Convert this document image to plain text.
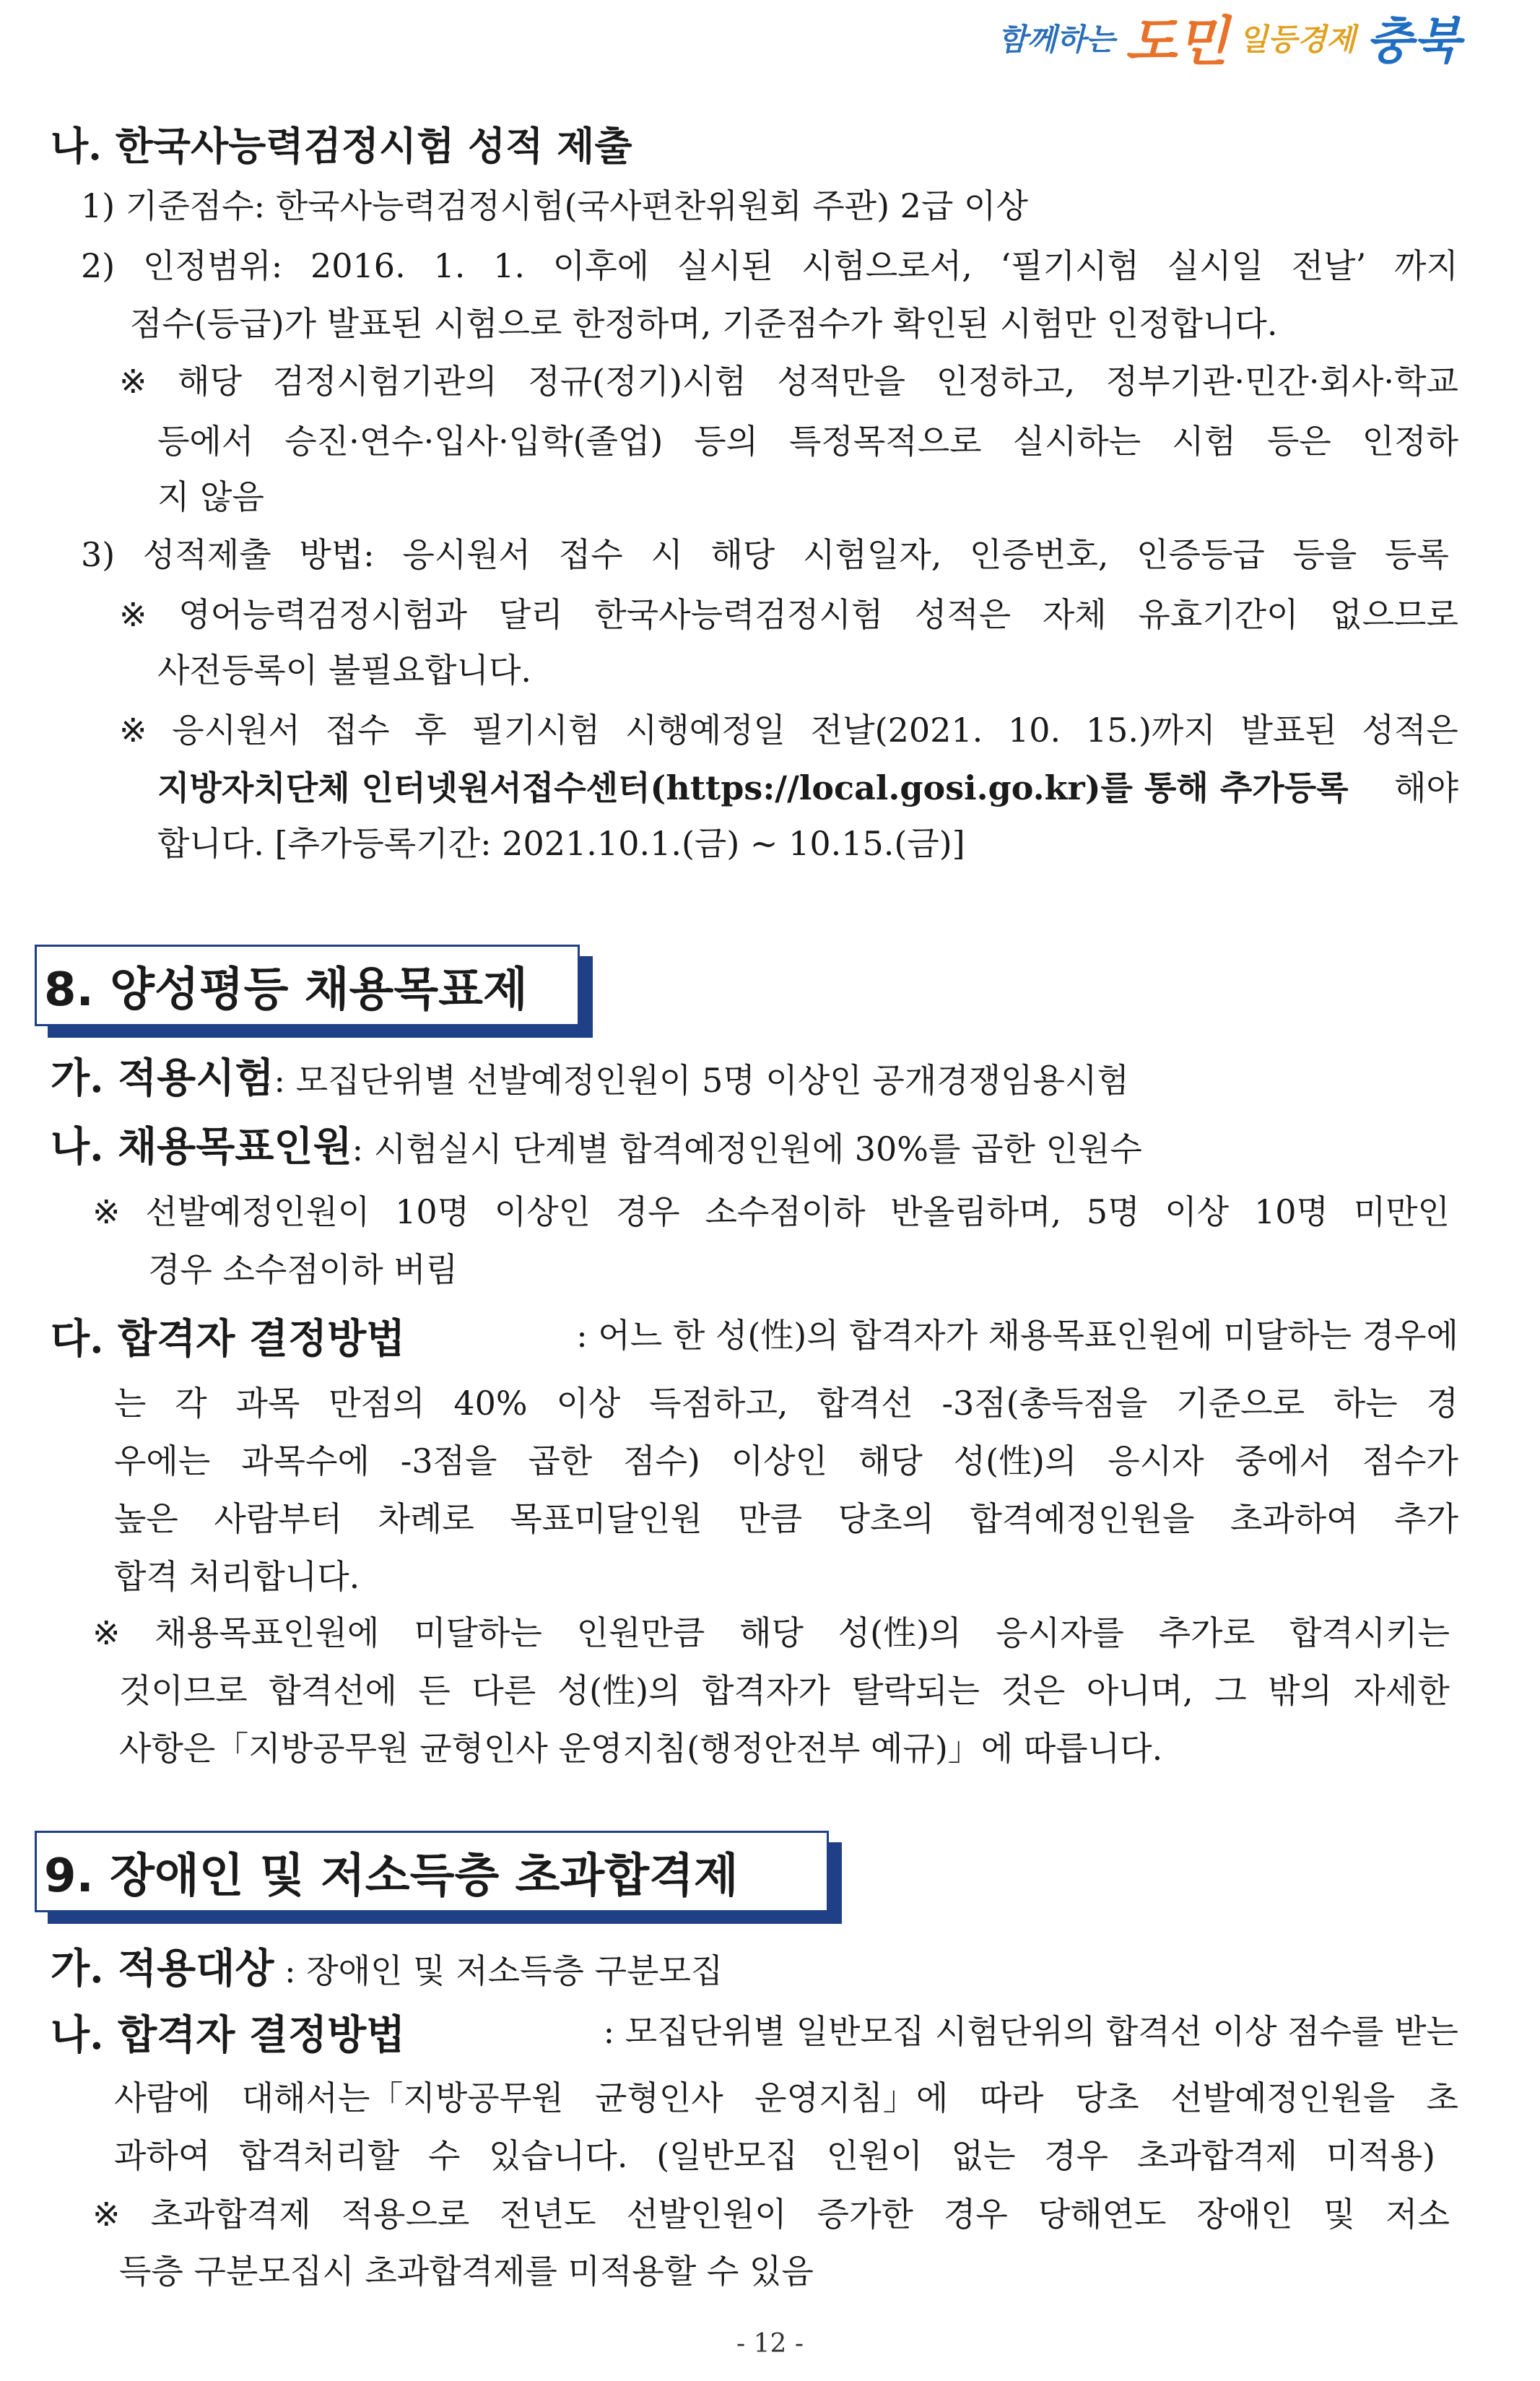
함께하는 도민 일등경제 충북
나. 한국사능력검정시험 성적 제출
1) 기준점수: 한국사능력검정시험(국사편찬위원회 주관) 2급 이상
2) 인정범위: 2016. 1. 1. 이후에 실시된 시험으로서, ‘필기시험 실시일 전날’ 까지
점수(등급)가 발표된 시험으로 한정하며, 기준점수가 확인된 시험만 인정합니다.
※ 해당 검정시험기관의 정규(정기)시험 성적만을 인정하고, 정부기관·민간·회사·학교
등에서 승진·연수·입사·입학(졸업) 등의 특정목적으로 실시하는 시험 등은 인정하
지 않음
3) 성적제출 방법: 응시원서 접수 시 해당 시험일자, 인증번호, 인증등급 등을 등록
※ 영어능력검정시험과 달리 한국사능력검정시험 성적은 자체 유효기간이 없으므로
사전등록이 불필요합니다.
※ 응시원서 접수 후 필기시험 시행예정일 전날(2021. 10. 15.)까지 발표된 성적은
지방자치단체 인터넷원서접수센터(https://local.gosi.go.kr)를 통해 추가등록 해야
합니다. [추가등록기간: 2021.10.1.(금) ~ 10.15.(금)]
8. 양성평등 채용목표제
가. 적용시험: 모집단위별 선발예정인원이 5명 이상인 공개경쟁임용시험
나. 채용목표인원: 시험실시 단계별 합격예정인원에 30%를 곱한 인원수
※ 선발예정인원이 10명 이상인 경우 소수점이하 반올림하며, 5명 이상 10명 미만인
경우 소수점이하 버림
다. 합격자 결정방법	: 어느 한 성(性)의 합격자가 채용목표인원에 미달하는 경우에
는 각 과목 만점의 40% 이상 득점하고, 합격선 -3점(총득점을 기준으로 하는 경
우에는 과목수에 -3점을 곱한 점수) 이상인 해당 성(性)의 응시자 중에서 점수가
높은 사람부터 차례로 목표미달인원 만큼 당초의 합격예정인원을 초과하여 추가
합격 처리합니다.
※ 채용목표인원에 미달하는 인원만큼 해당 성(性)의 응시자를 추가로 합격시키는
것이므로 합격선에 든 다른 성(性)의 합격자가 탈락되는 것은 아니며, 그 밖의 자세한
사항은「지방공무원 균형인사 운영지침(행정안전부 예규)」에 따릅니다.
9. 장애인 및 저소득층 초과합격제
가. 적용대상 : 장애인 및 저소득층 구분모집
나. 합격자 결정방법	: 모집단위별 일반모집 시험단위의 합격선 이상 점수를 받는
사람에 대해서는「지방공무원 균형인사 운영지침」에 따라 당초 선발예정인원을 초
과하여 합격처리할 수 있습니다. (일반모집 인원이 없는 경우 초과합격제 미적용)
※ 초과합격제 적용으로 전년도 선발인원이 증가한 경우 당해연도 장애인 및 저소
득층 구분모집시 초과합격제를 미적용할 수 있음
- 12 -
